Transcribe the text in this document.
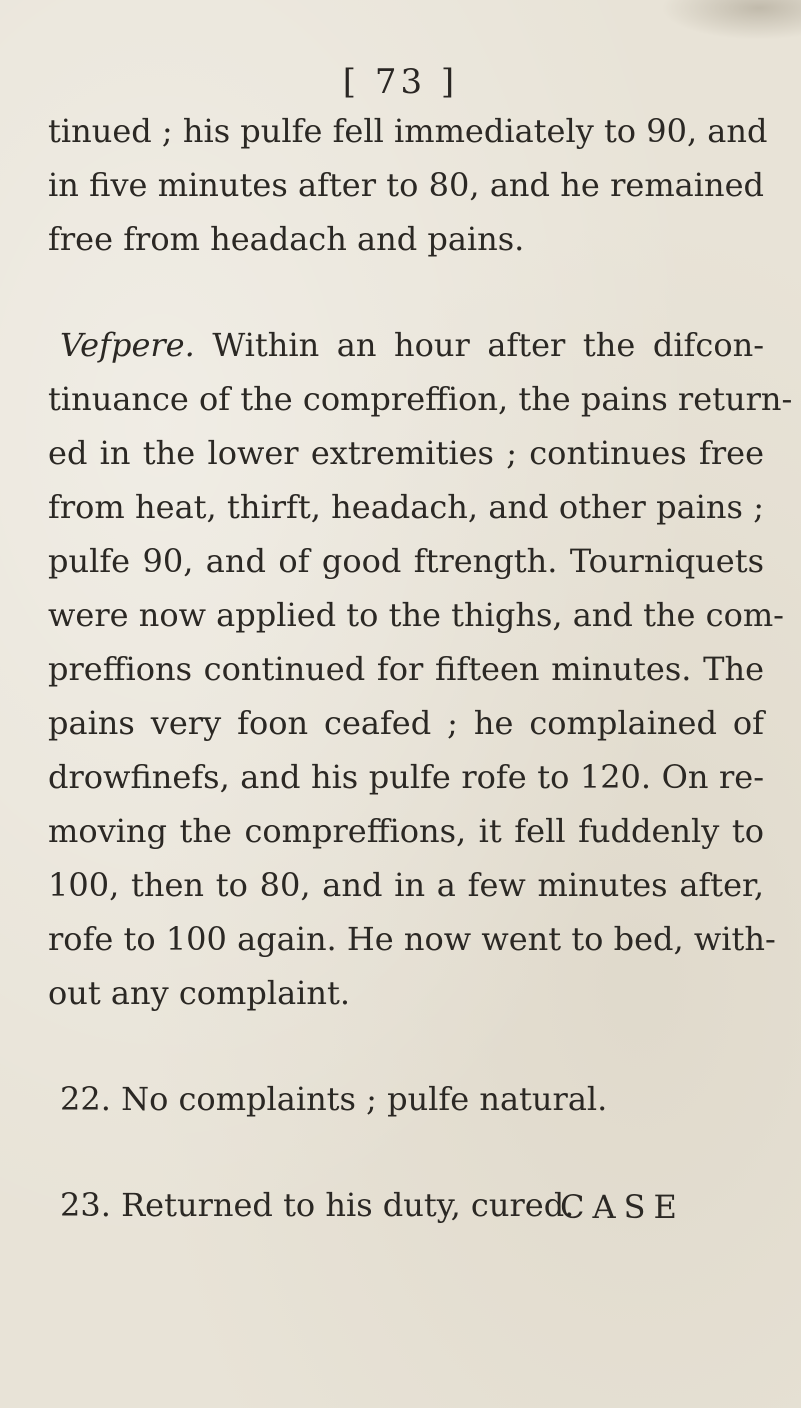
[ 73 ]
tinued ; his pulfe fell immediately to 90, and
in five minutes after to 80, and he remained
free from headach and pains.
Vefpere. Within an hour after the difcon-
tinuance of the compreffion, the pains return-
ed in the lower extremities ; continues free
from heat, thirft, headach, and other pains ;
pulfe 90, and of good ftrength. Tourniquets
were now applied to the thighs, and the com-
preffions continued for fifteen minutes. The
pains very foon ceafed ; he complained of
drowfinefs, and his pulfe rofe to 120. On re-
moving the compreffions, it fell fuddenly to
100, then to 80, and in a few minutes after,
rofe to 100 again. He now went to bed, with-
out any complaint.
22. No complaints ; pulfe natural.
23. Returned to his duty, cured.
CASE
